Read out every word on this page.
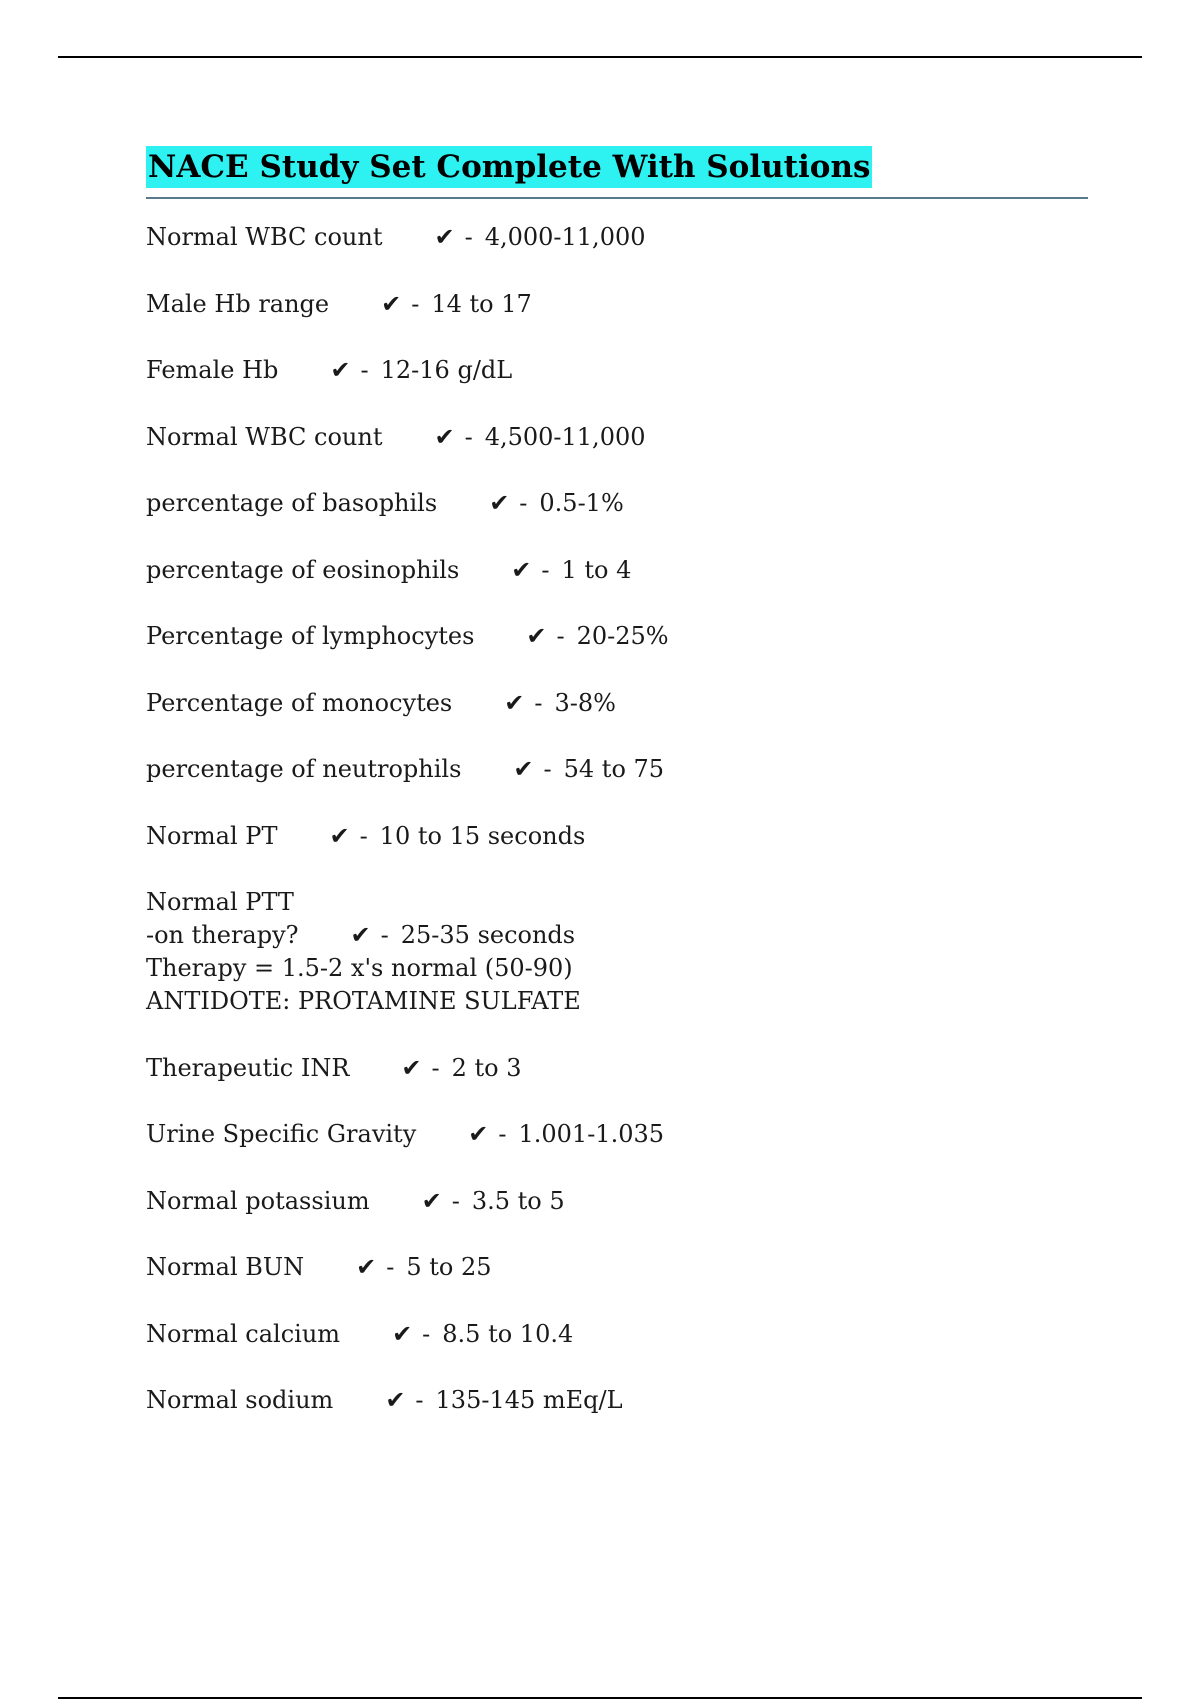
NACE Study Set Complete With Solutions
Normal WBC count ✔ - 4,000-11,000
Male Hb range ✔ - 14 to 17
Female Hb ✔ - 12-16 g/dL
Normal WBC count ✔ - 4,500-11,000
percentage of basophils ✔ - 0.5-1%
percentage of eosinophils ✔ - 1 to 4
Percentage of lymphocytes ✔ - 20-25%
Percentage of monocytes ✔ - 3-8%
percentage of neutrophils ✔ - 54 to 75
Normal PT ✔ - 10 to 15 seconds
Normal PTT
-on therapy? ✔ - 25-35 seconds
Therapy = 1.5-2 x's normal (50-90)
ANTIDOTE: PROTAMINE SULFATE
Therapeutic INR ✔ - 2 to 3
Urine Specific Gravity ✔ - 1.001-1.035
Normal potassium ✔ - 3.5 to 5
Normal BUN ✔ - 5 to 25
Normal calcium ✔ - 8.5 to 10.4
Normal sodium ✔ - 135-145 mEq/L
